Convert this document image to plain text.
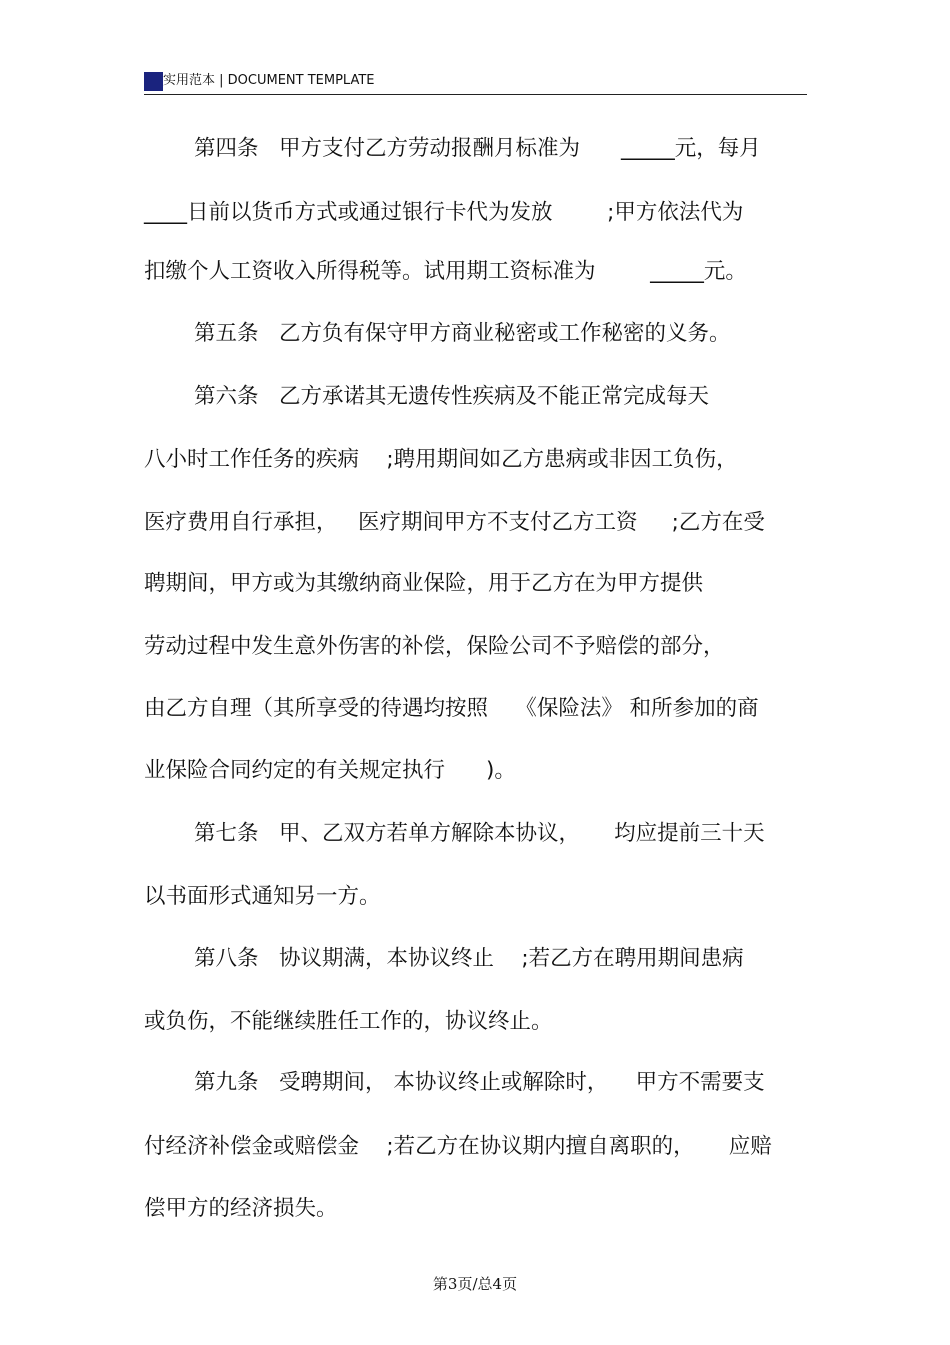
实用范本 | DOCUMENT TEMPLATE
第四条   甲方支付乙方劳动报酬月标准为      _____元，每月
____日前以货币方式或通过银行卡代为发放        ;甲方依法代为
扣缴个人工资收入所得税等。试用期工资标准为        _____元。
第五条   乙方负有保守甲方商业秘密或工作秘密的义务。
第六条   乙方承诺其无遗传性疾病及不能正常完成每天
八小时工作任务的疾病    ;聘用期间如乙方患病或非因工负伤，
医疗费用自行承担，   医疗期间甲方不支付乙方工资     ;乙方在受
聘期间，甲方或为其缴纳商业保险，用于乙方在为甲方提供
劳动过程中发生意外伤害的补偿，保险公司不予赔偿的部分，
由乙方自理（其所享受的待遇均按照    《保险法》 和所参加的商
业保险合同约定的有关规定执行      )。
第七条   甲、乙双方若单方解除本协议，     均应提前三十天
以书面形式通知另一方。
第八条   协议期满，本协议终止    ;若乙方在聘用期间患病
或负伤，不能继续胜任工作的，协议终止。
第九条   受聘期间， 本协议终止或解除时，    甲方不需要支
付经济补偿金或赔偿金    ;若乙方在协议期内擅自离职的，     应赔
偿甲方的经济损失。
第3页/总4页
